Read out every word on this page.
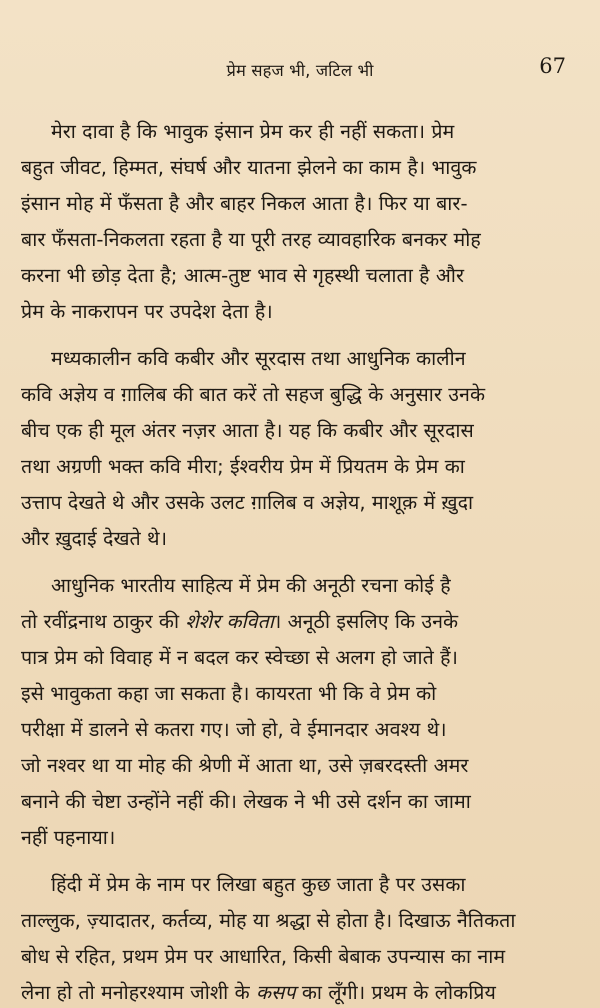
प्रेम सहज भी, जटिल भी	67
मेरा दावा है कि भावुक इंसान प्रेम कर ही नहीं सकता। प्रेम
बहुत जीवट, हिम्मत, संघर्ष और यातना झेलने का काम है। भावुक
इंसान मोह में फँसता है और बाहर निकल आता है। फिर या बार-
बार फँसता-निकलता रहता है या पूरी तरह व्यावहारिक बनकर मोह
करना भी छोड़ देता है; आत्म-तुष्ट भाव से गृहस्थी चलाता है और
प्रेम के नाकरापन पर उपदेश देता है।
मध्यकालीन कवि कबीर और सूरदास तथा आधुनिक कालीन
कवि अज्ञेय व ग़ालिब की बात करें तो सहज बुद्धि के अनुसार उनके
बीच एक ही मूल अंतर नज़र आता है। यह कि कबीर और सूरदास
तथा अग्रणी भक्त कवि मीरा; ईश्वरीय प्रेम में प्रियतम के प्रेम का
उत्ताप देखते थे और उसके उलट ग़ालिब व अज्ञेय, माशूक़ में ख़ुदा
और ख़ुदाई देखते थे।
आधुनिक भारतीय साहित्य में प्रेम की अनूठी रचना कोई है
तो रवींद्रनाथ ठाकुर की शेशेर कविता। अनूठी इसलिए कि उनके
पात्र प्रेम को विवाह में न बदल कर स्वेच्छा से अलग हो जाते हैं।
इसे भावुकता कहा जा सकता है। कायरता भी कि वे प्रेम को
परीक्षा में डालने से कतरा गए। जो हो, वे ईमानदार अवश्य थे।
जो नश्वर था या मोह की श्रेणी में आता था, उसे ज़बरदस्ती अमर
बनाने की चेष्टा उन्होंने नहीं की। लेखक ने भी उसे दर्शन का जामा
नहीं पहनाया।
हिंदी में प्रेम के नाम पर लिखा बहुत कुछ जाता है पर उसका
ताल्लुक, ज़्यादातर, कर्तव्य, मोह या श्रद्धा से होता है। दिखाऊ नैतिकता
बोध से रहित, प्रथम प्रेम पर आधारित, किसी बेबाक उपन्यास का नाम
लेना हो तो मनोहरश्याम जोशी के कसप का लूँगी। प्रथम के लोकप्रिय
